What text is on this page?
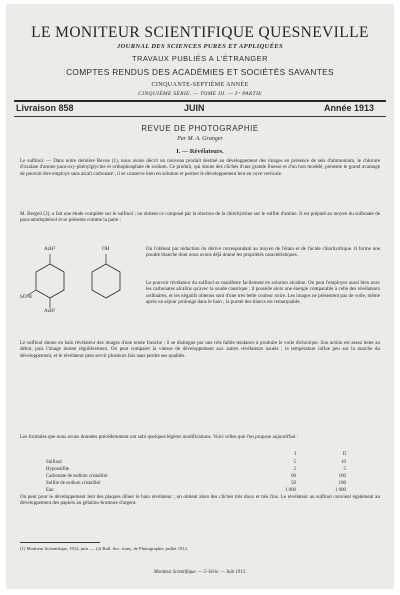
LE MONITEUR SCIENTIFIQUE QUESNEVILLE
JOURNAL DES SCIENCES PURES ET APPLIQUÉES
TRAVAUX PUBLIÉS A L'ÉTRANGER
COMPTES RENDUS DES ACADÉMIES ET SOCIÉTÉS SAVANTES
CINQUANTE-SEPTIÈME ANNÉE
CINQUIÈME SÉRIE. — TOME III. — Iʳᵉ PARTIE
Livraison 858	JUIN	Année 1913
REVUE DE PHOTOGRAPHIE
Par M. A. Granger
I. — Révélateurs.

Le sulfinol. — Dans notre dernière Revue (1), nous avons décrit un nouveau produit destiné au développement des images en présence de sels d'ammonium, le chlorure d'oxalate d'amine para-oxy-phénylglycine et orthophosphate de sodium. Ce produit, qui donne des clichés d'une grande finesse et d'un bon modelé, présente le grand avantage de pouvoir être employé sans alcali carbonaté ; il se conserve bien en solution et permet le développement lent en cuve verticale.

M. Bergeil (2), a fait une étude complète sur le sulfinol ; on obtient ce composé par la réaction de la chlorhydrine sur le sulfite d'amine. Il est préparé au moyen du sulfonate de para-amidophénol et se présente comme la paire :

AzH²	OH
SO³H
AzH²

On l'obtient par réduction du dérivé correspondant au moyen de l'étain et de l'acide chlorhydrique. Il forme une poudre blanche dont nous avons déjà donné les propriétés caractéristiques.

Le pouvoir révélateur du sulfinol se manifeste facilement en solution alcaline. On peut l'employer aussi bien avec les carbonates alcalins qu'avec la soude caustique ; il possède alors une énergie comparable à celle des révélateurs ordinaires, et les négatifs obtenus sont d'une très belle couleur noire. Les images ne présentent pas de voile, même après un séjour prolongé dans le bain ; la pureté des blancs est remarquable.

Le sulfinol donne en bain révélateur des images d'une teinte franche ; il se distingue par une très faible tendance à produire le voile dichroïque. Son action est assez lente au début, puis l'image monte régulièrement. On peut comparer la vitesse de développement aux autres révélateurs usuels ; la température influe peu sur la marche du développement, et le révélateur peut servir plusieurs fois sans perdre ses qualités.

Les formules que nous avons données précédemment ont subi quelques légères modifications. Voici celles que l'on propose aujourd'hui :

I	II
Sulfinol	5	10
Hyposulfite	2	5
Carbonate de sodium cristallisé	60	100
Sulfite de sodium cristallisé	50	100
Eau	1 000	1 000

On peut pour le développement lent des plaques diluer le bain révélateur ; on obtient alors des clichés très doux et très fins. Le révélateur au sulfinol convient également au développement des papiers au gélatino-bromure d'argent.

(1) Moniteur Scientifique, 1912, juin. — (2) Bull. Soc. franç. de Photographie, juillet 1912.
Moniteur Scientifique. — 5ᵉ Série. — Juin 1913.
